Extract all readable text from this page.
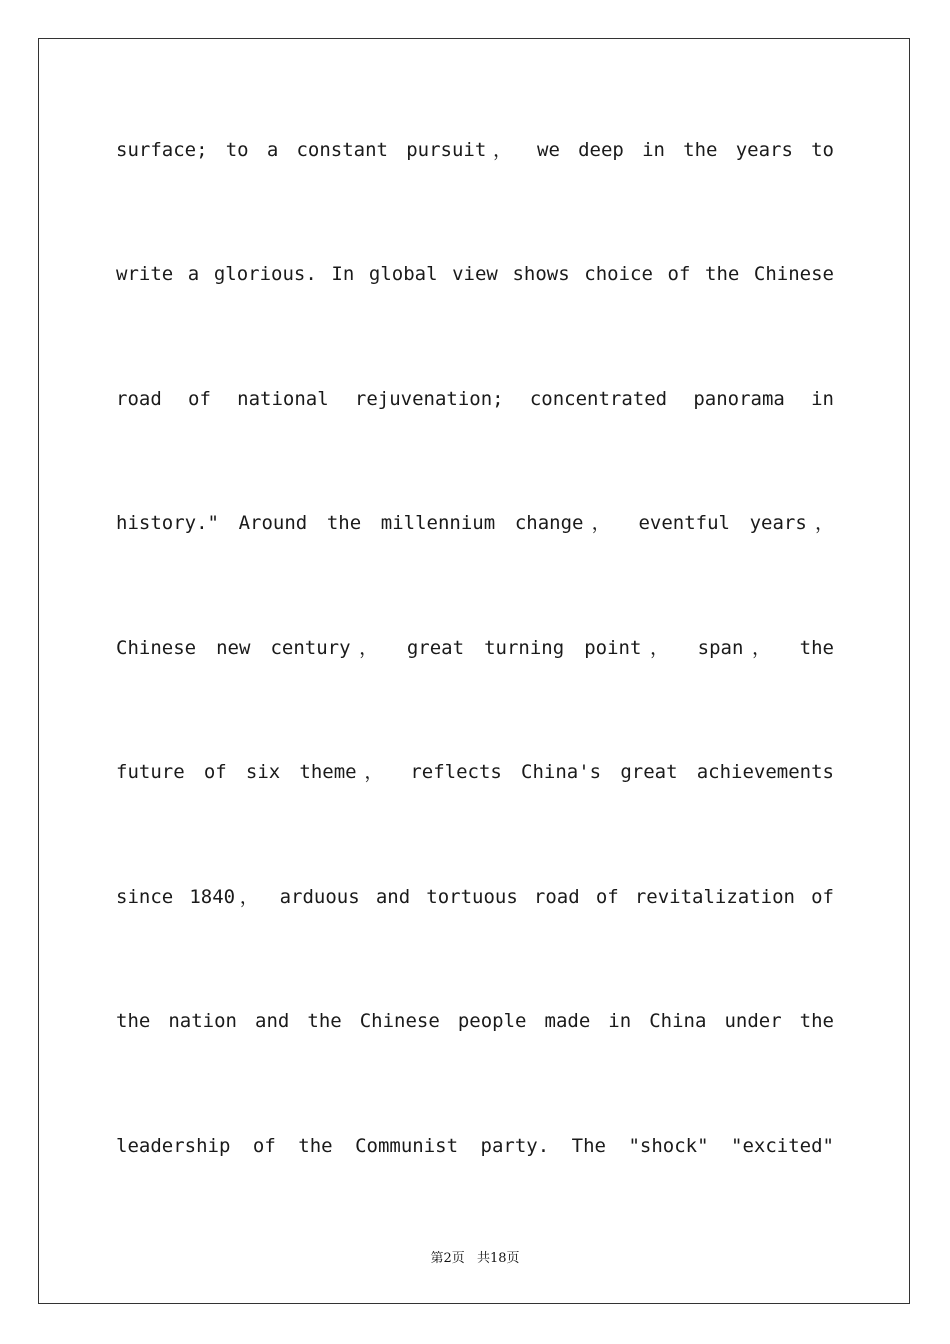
surface; to a constant pursuit， we deep in the years to
write a glorious. In global view shows choice of the Chinese
road of national rejuvenation; concentrated panorama in
history." Around the millennium change， eventful years，
Chinese new century， great turning point， span， the
future of six theme， reflects China's great achievements
since 1840， arduous and tortuous road of revitalization of
the nation and the Chinese people made in China under the
leadership of the Communist party. The "shock" "excited"
第2页 共18页
